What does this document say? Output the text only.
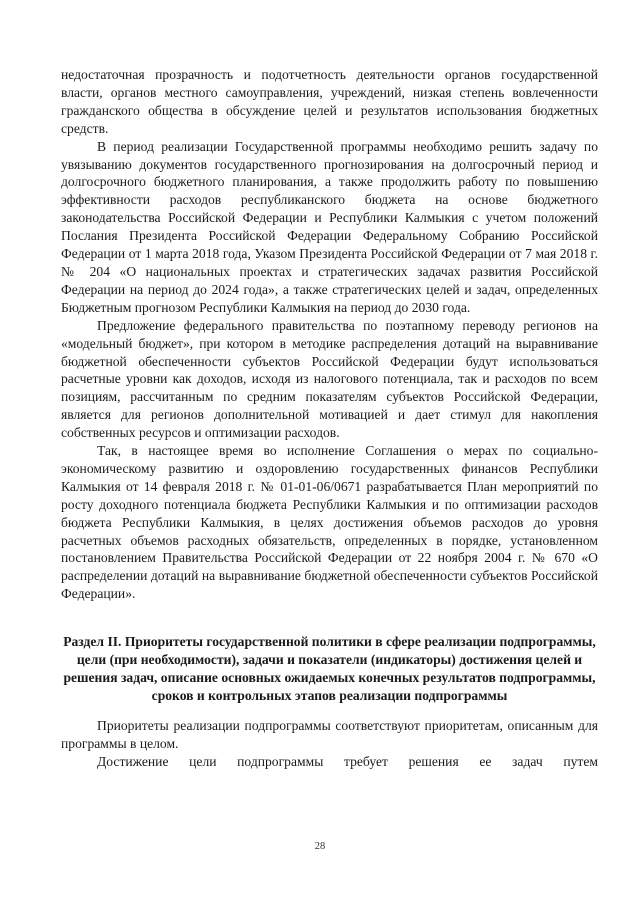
недостаточная прозрачность и подотчетность деятельности органов государственной власти, органов местного самоуправления, учреждений, низкая степень вовлеченности гражданского общества в обсуждение целей и результатов использования бюджетных средств.

В период реализации Государственной программы необходимо решить задачу по увязыванию документов государственного прогнозирования на долгосрочный период и долгосрочного бюджетного планирования, а также продолжить работу по повышению эффективности расходов республиканского бюджета на основе бюджетного законодательства Российской Федерации и Республики Калмыкия с учетом положений Послания Президента Российской Федерации Федеральному Собранию Российской Федерации от 1 марта 2018 года, Указом Президента Российской Федерации от 7 мая 2018 г. № 204 «О национальных проектах и стратегических задачах развития Российской Федерации на период до 2024 года», а также стратегических целей и задач, определенных Бюджетным прогнозом Республики Калмыкия на период до 2030 года.

Предложение федерального правительства по поэтапному переводу регионов на «модельный бюджет», при котором в методике распределения дотаций на выравнивание бюджетной обеспеченности субъектов Российской Федерации будут использоваться расчетные уровни как доходов, исходя из налогового потенциала, так и расходов по всем позициям, рассчитанным по средним показателям субъектов Российской Федерации, является для регионов дополнительной мотивацией и дает стимул для накопления собственных ресурсов и оптимизации расходов.

Так, в настоящее время во исполнение Соглашения о мерах по социально-экономическому развитию и оздоровлению государственных финансов Республики Калмыкия от 14 февраля 2018 г. № 01-01-06/0671 разрабатывается План мероприятий по росту доходного потенциала бюджета Республики Калмыкия и по оптимизации расходов бюджета Республики Калмыкия, в целях достижения объемов расходов до уровня расчетных объемов расходных обязательств, определенных в порядке, установленном постановлением Правительства Российской Федерации от 22 ноября 2004 г. № 670 «О распределении дотаций на выравнивание бюджетной обеспеченности субъектов Российской Федерации».

Раздел II. Приоритеты государственной политики в сфере реализации подпрограммы, цели (при необходимости), задачи и показатели (индикаторы) достижения целей и решения задач, описание основных ожидаемых конечных результатов подпрограммы, сроков и контрольных этапов реализации подпрограммы

Приоритеты реализации подпрограммы соответствуют приоритетам, описанным для программы в целом.

Достижение цели подпрограммы требует решения ее задач путем

28
